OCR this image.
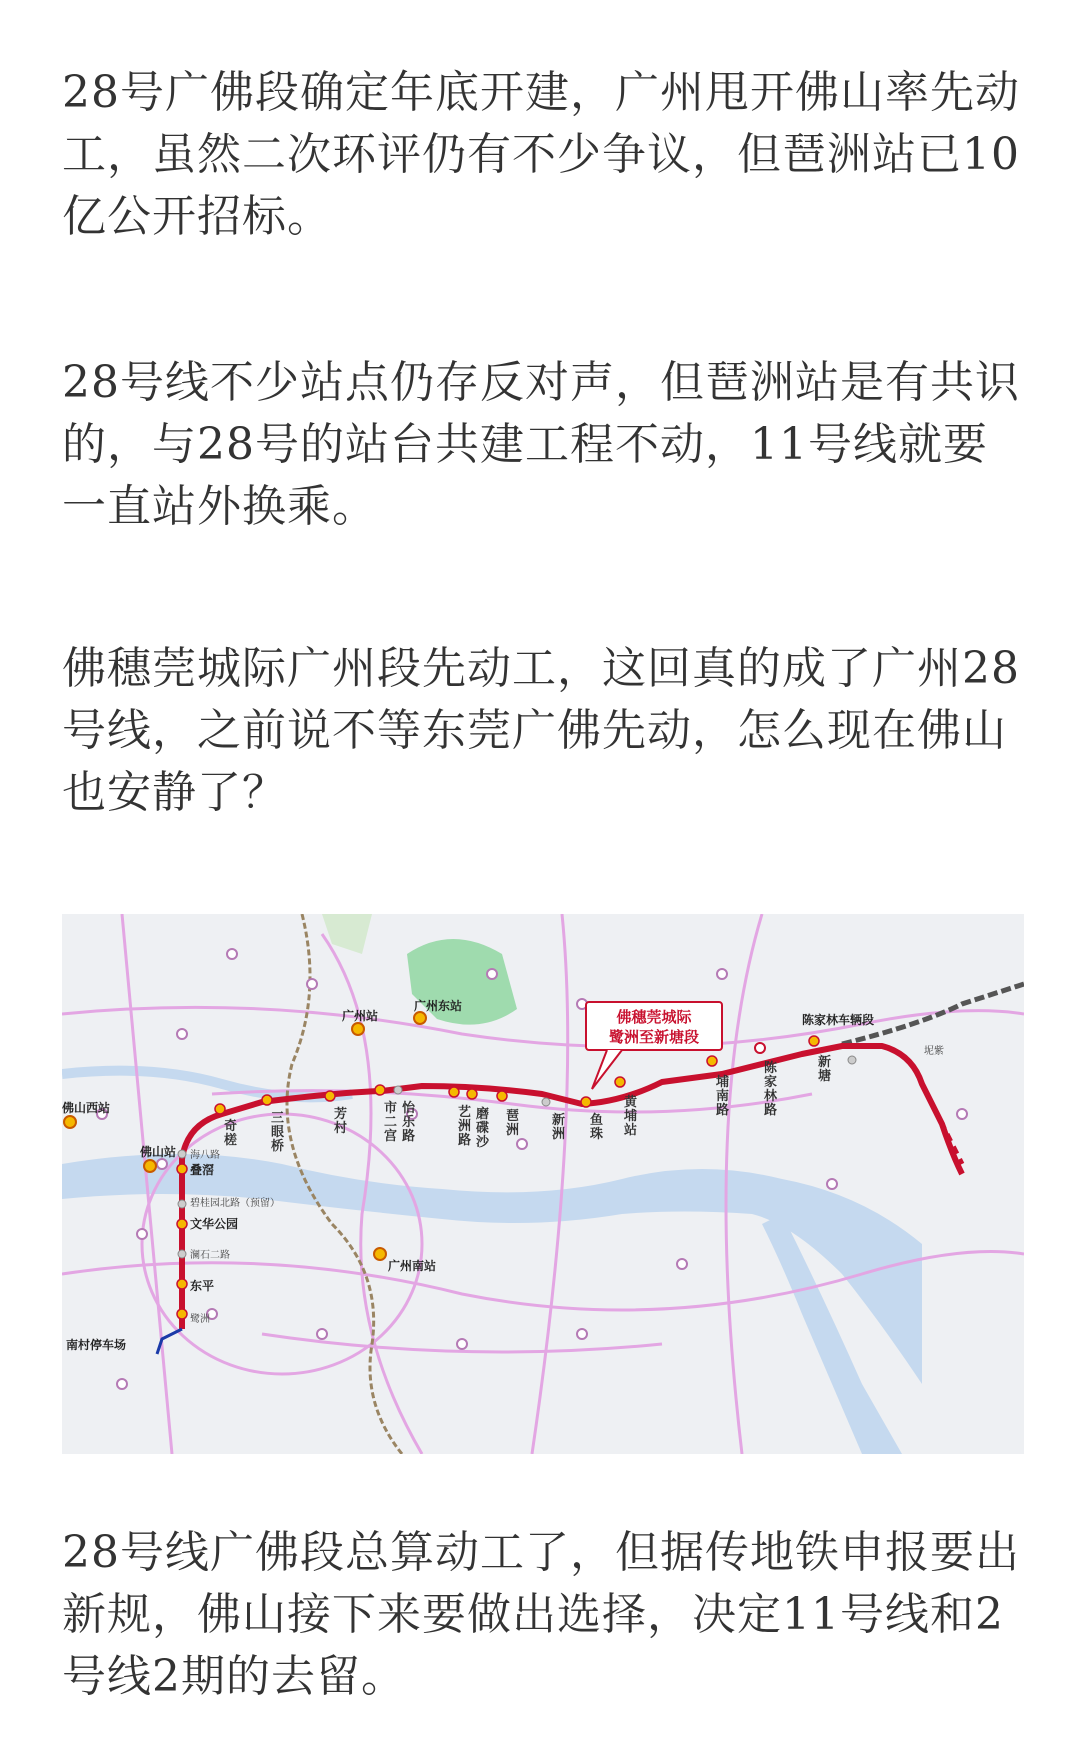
28号广佛段确定年底开建，广州甩开佛山率先动工，虽然二次环评仍有不少争议，但琶洲站已10亿公开招标。

28号线不少站点仍存反对声，但琶洲站是有共识的，与28号的站台共建工程不动，11号线就要一直站外换乘。

佛穗莞城际广州段先动工，这回真的成了广州28号线，之前说不等东莞广佛先动，怎么现在佛山也安静了？

广州站
广州东站
广州南站
佛山西站
佛山站
佛穗莞城际
鹭洲至新塘段
陈家林车辆段
南村停车场
坭紫
奇槎
三眼桥
芳村
市二宫
怡乐路
艺洲路
磨碟沙
琶洲
新洲
鱼珠
黄埔站
埔南路
陈家林路
新塘
海八路
叠滘
碧桂园北路（预留）
文华公园
澜石二路
东平
鹭洲

28号线广佛段总算动工了，但据传地铁申报要出新规，佛山接下来要做出选择，决定11号线和2号线2期的去留。
